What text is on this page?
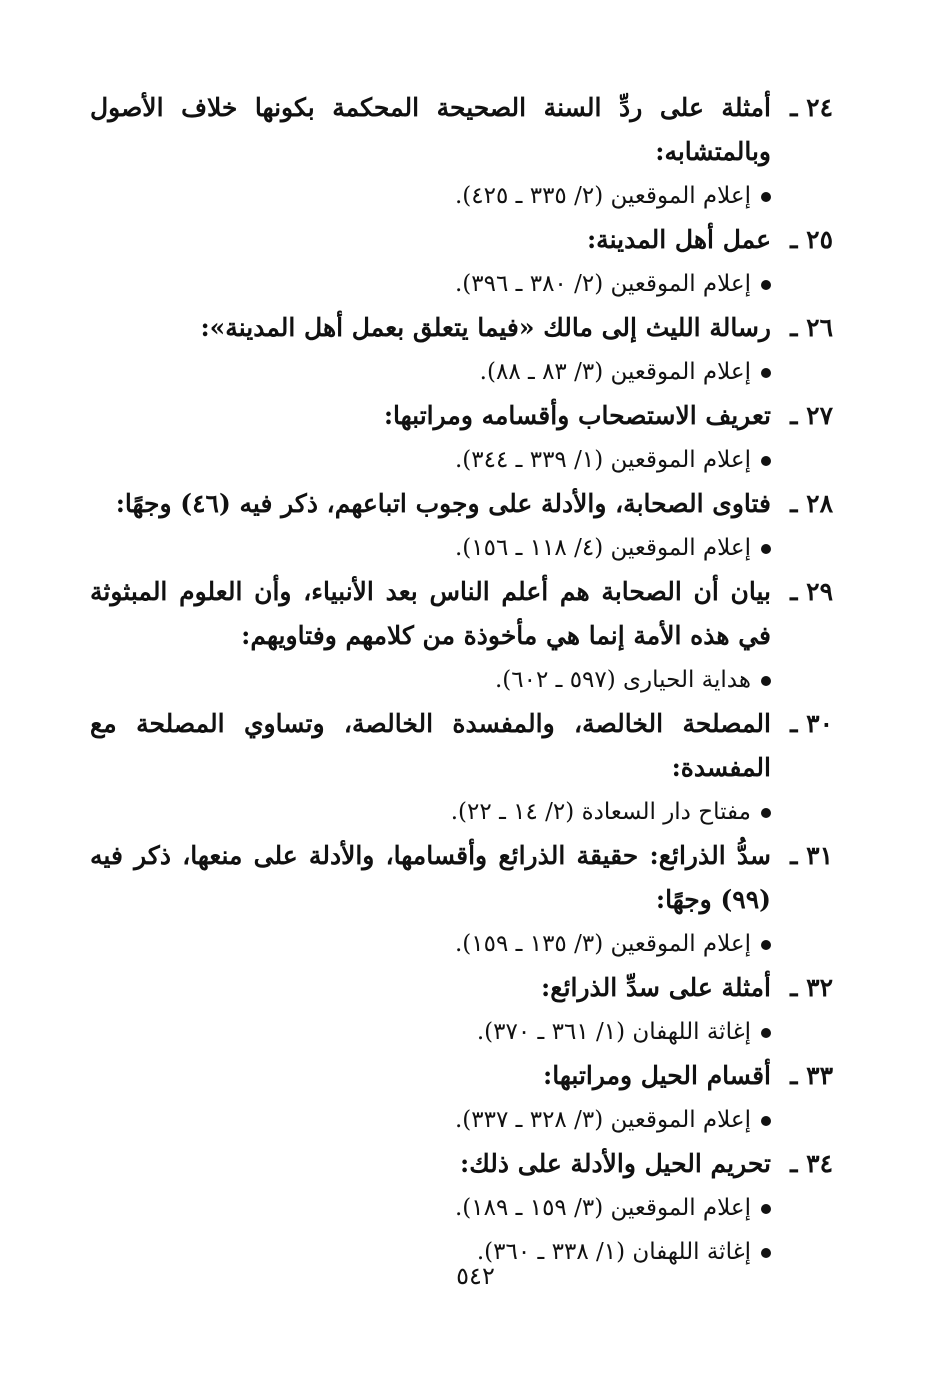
٢٤ ـأمثلة على ردِّ السنة الصحيحة المحكمة بكونها خلاف الأصول وبالمتشابه:

إعلام الموقعين (٢/ ٣٣٥ ـ ٤٢٥).

٢٥ ـعمل أهل المدينة:

إعلام الموقعين (٢/ ٣٨٠ ـ ٣٩٦).

٢٦ ـرسالة الليث إلى مالك «فيما يتعلق بعمل أهل المدينة»:

إعلام الموقعين (٣/ ٨٣ ـ ٨٨).

٢٧ ـتعريف الاستصحاب وأقسامه ومراتبها:

إعلام الموقعين (١/ ٣٣٩ ـ ٣٤٤).

٢٨ ـفتاوى الصحابة، والأدلة على وجوب اتباعهم، ذكر فيه (٤٦) وجهًا:

إعلام الموقعين (٤/ ١١٨ ـ ١٥٦).

٢٩ ـبيان أن الصحابة هم أعلم الناس بعد الأنبياء، وأن العلوم المبثوثة في هذه الأمة إنما هي مأخوذة من كلامهم وفتاويهم:

هداية الحيارى (٥٩٧ ـ ٦٠٢).

٣٠ ـالمصلحة الخالصة، والمفسدة الخالصة، وتساوي المصلحة مع المفسدة:

مفتاح دار السعادة (٢/ ١٤ ـ ٢٢).

٣١ ـسدُّ الذرائع: حقيقة الذرائع وأقسامها، والأدلة على منعها، ذكر فيه (٩٩) وجهًا:

إعلام الموقعين (٣/ ١٣٥ ـ ١٥٩).

٣٢ ـأمثلة على سدِّ الذرائع:

إغاثة اللهفان (١/ ٣٦١ ـ ٣٧٠).

٣٣ ـأقسام الحيل ومراتبها:

إعلام الموقعين (٣/ ٣٢٨ ـ ٣٣٧).

٣٤ ـتحريم الحيل والأدلة على ذلك:

إعلام الموقعين (٣/ ١٥٩ ـ ١٨٩).

إغاثة اللهفان (١/ ٣٣٨ ـ ٣٦٠).

٥٤٢
